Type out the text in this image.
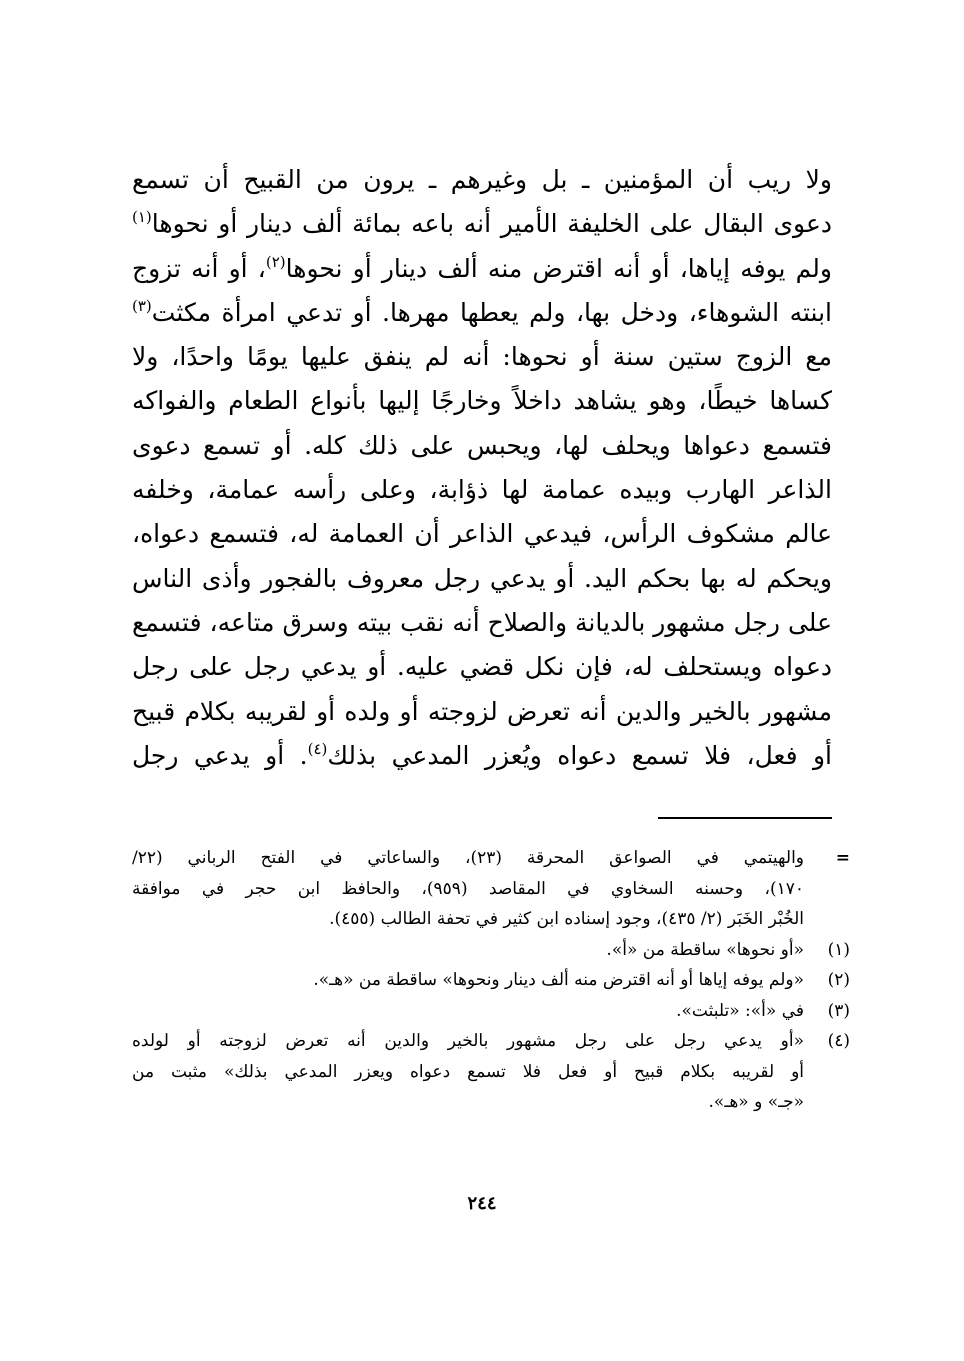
ولا ريب أن المؤمنين ـ بل وغيرهم ـ يرون من القبيح أن تسمع
دعوى البقال على الخليفة الأمير أنه باعه بمائة ألف دينار أو نحوها$^{(١)}$
ولم يوفه إياها، أو أنه اقترض منه ألف دينار أو نحوها$^{(٢)}$، أو أنه تزوج
ابنته الشوهاء، ودخل بها، ولم يعطها مهرها. أو تدعي امرأة مكثت$^{(٣)}$
مع الزوج ستين سنة أو نحوها: أنه لم ينفق عليها يومًا واحدًا، ولا
كساها خيطًا، وهو يشاهد داخلاً وخارجًا إليها بأنواع الطعام والفواكه
فتسمع دعواها ويحلف لها، ويحبس على ذلك كله. أو تسمع دعوى
الذاعر الهارب وبيده عمامة لها ذؤابة، وعلى رأسه عمامة، وخلفه
عالم مشكوف الرأس، فيدعي الذاعر أن العمامة له، فتسمع دعواه،
ويحكم له بها بحكم اليد. أو يدعي رجل معروف بالفجور وأذى الناس
على رجل مشهور بالديانة والصلاح أنه نقب بيته وسرق متاعه، فتسمع
دعواه ويستحلف له، فإن نكل قضي عليه. أو يدعي رجل على رجل
مشهور بالخير والدين أنه تعرض لزوجته أو ولده أو لقريبه بكلام قبيح
أو فعل، فلا تسمع دعواه ويُعزر المدعي بذلك$^{(٤)}$. أو يدعي رجل
=
والهيتمي في الصواعق المحرقة (٢٣)، والساعاتي في الفتح الرباني (٢٢/
١٧٠)، وحسنه السخاوي في المقاصد (٩٥٩)، والحافظ ابن حجر في موافقة
الخُبْر الخَبَر (٢/ ٤٣٥)، وجود إسناده ابن كثير في تحفة الطالب (٤٥٥).
(١)
«أو نحوها» ساقطة من «أ».
(٢)
«ولم يوفه إياها أو أنه اقترض منه ألف دينار ونحوها» ساقطة من «هـ».
(٣)
في «أ»: «تلبثت».
(٤)
«أو يدعي رجل على رجل مشهور بالخير والدين أنه تعرض لزوجته أو لولده
أو لقريبه بكلام قبيح أو فعل فلا تسمع دعواه ويعزر المدعي بذلك» مثبت من
«جـ» و «هـ».
٢٤٤
